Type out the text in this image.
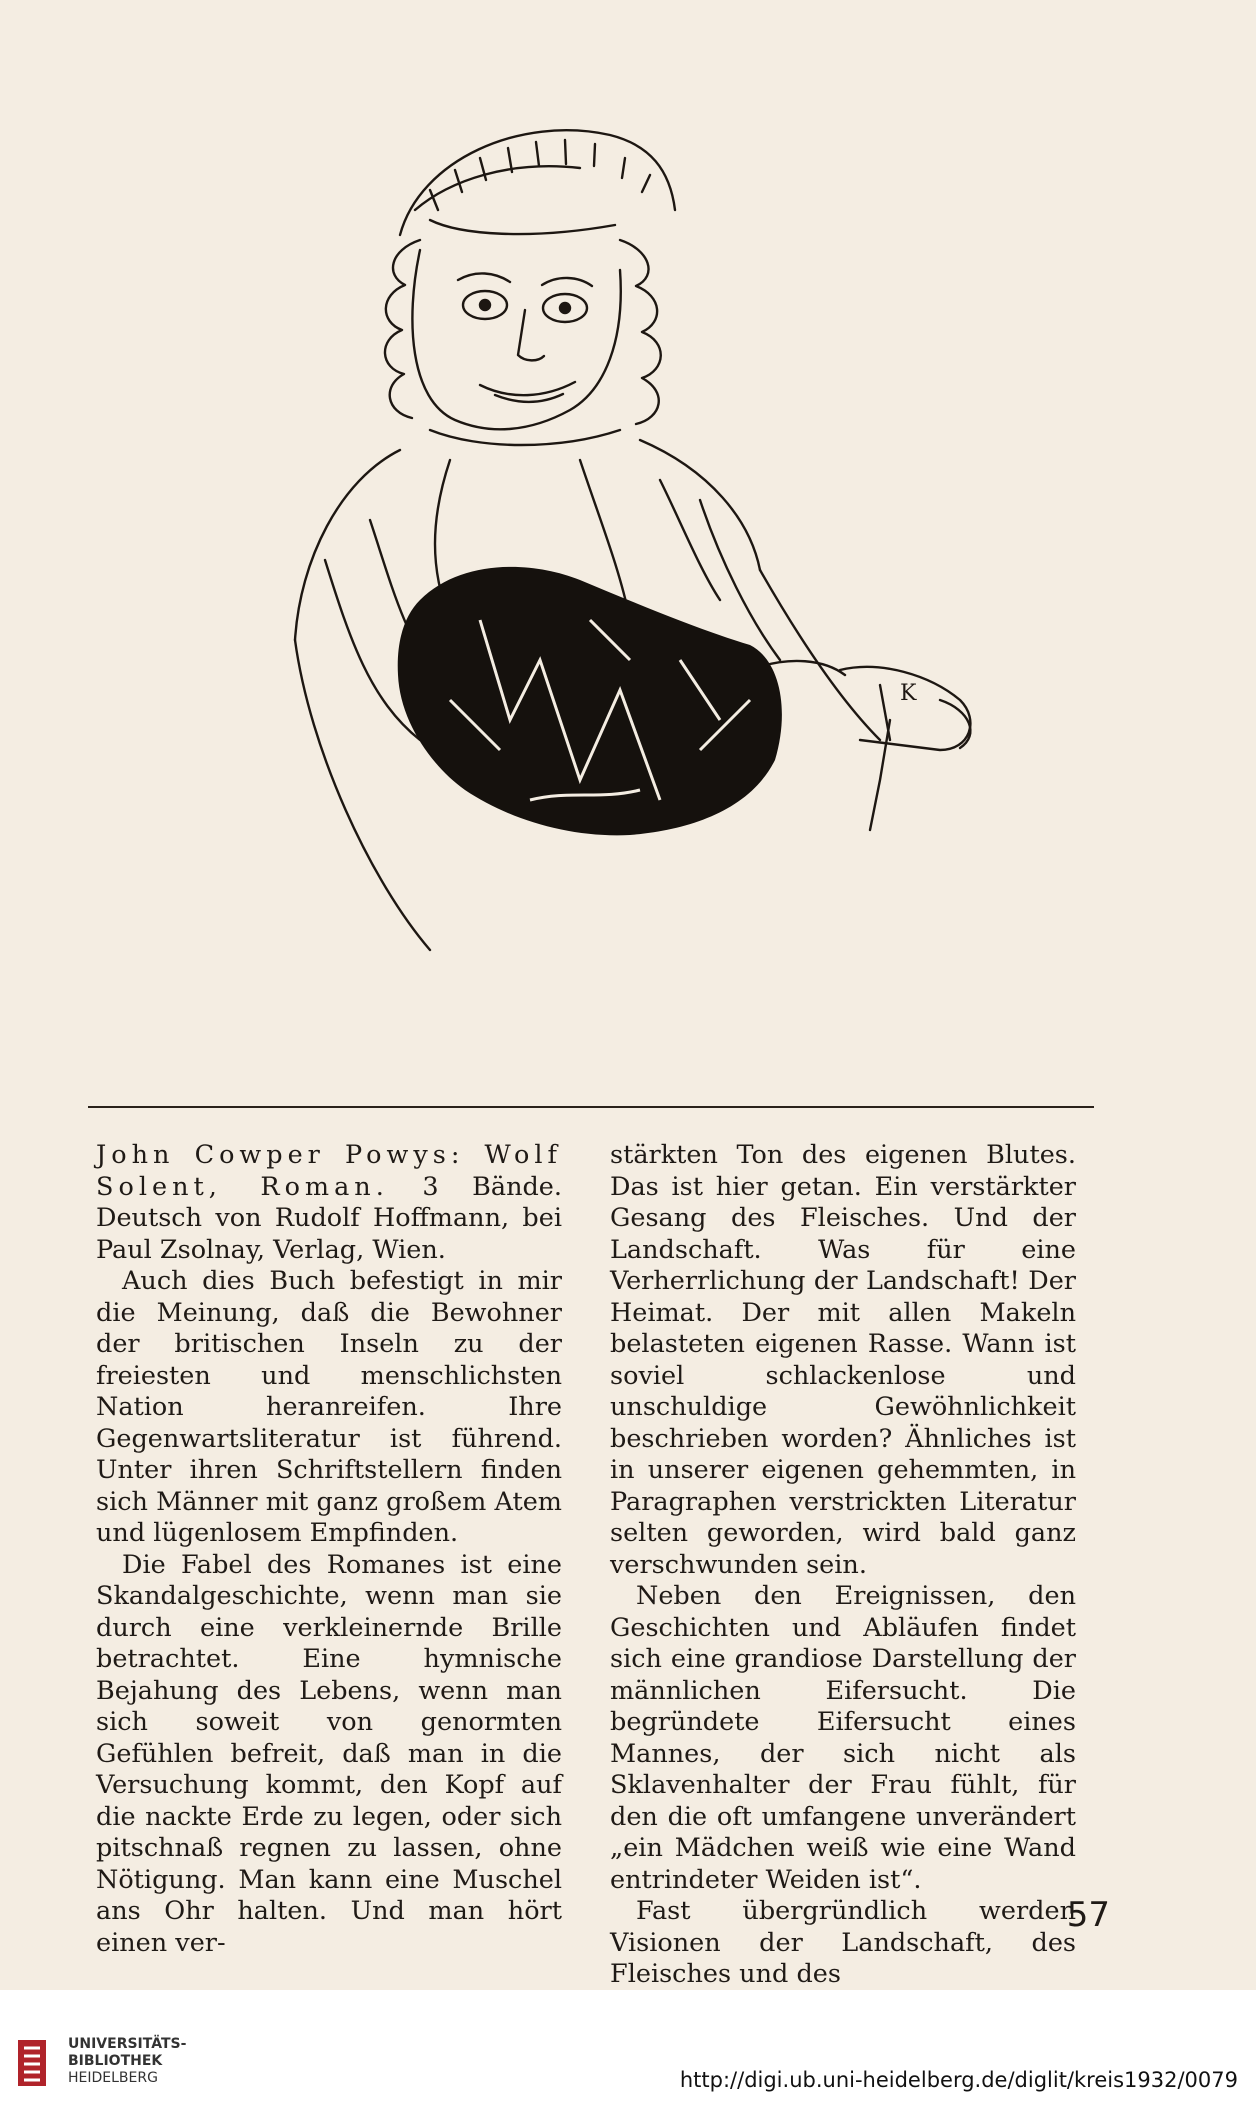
K

John Cowper Powys: Wolf Solent, Roman. 3 Bände. Deutsch von Rudolf Hoffmann, bei Paul Zsolnay, Verlag, Wien.

Auch dies Buch befestigt in mir die Meinung, daß die Bewohner der britischen Inseln zu der freiesten und menschlichsten Nation heranreifen. Ihre Gegenwartsliteratur ist führend. Unter ihren Schriftstellern finden sich Männer mit ganz großem Atem und lügenlosem Empfinden.

Die Fabel des Romanes ist eine Skandalgeschichte, wenn man sie durch eine verkleinernde Brille betrachtet. Eine hymnische Bejahung des Lebens, wenn man sich soweit von genormten Gefühlen befreit, daß man in die Versuchung kommt, den Kopf auf die nackte Erde zu legen, oder sich pitschnaß regnen zu lassen, ohne Nötigung. Man kann eine Muschel ans Ohr halten. Und man hört einen ver-

stärkten Ton des eigenen Blutes. Das ist hier getan. Ein verstärkter Gesang des Fleisches. Und der Landschaft. Was für eine Verherrlichung der Landschaft! Der Heimat. Der mit allen Makeln belasteten eigenen Rasse. Wann ist soviel schlackenlose und unschuldige Gewöhnlichkeit beschrieben worden? Ähnliches ist in unserer eigenen gehemmten, in Paragraphen verstrickten Literatur selten geworden, wird bald ganz verschwunden sein.

Neben den Ereignissen, den Geschichten und Abläufen findet sich eine grandiose Darstellung der männlichen Eifersucht. Die begründete Eifersucht eines Mannes, der sich nicht als Sklavenhalter der Frau fühlt, für den die oft umfangene unverändert „ein Mädchen weiß wie eine Wand entrindeter Weiden ist“.

Fast übergründlich werden Visionen der Landschaft, des Fleisches und des

57
UNIVERSITÄTS-
BIBLIOTHEK
HEIDELBERG	http://digi.ub.uni-heidelberg.de/diglit/kreis1932/0079
